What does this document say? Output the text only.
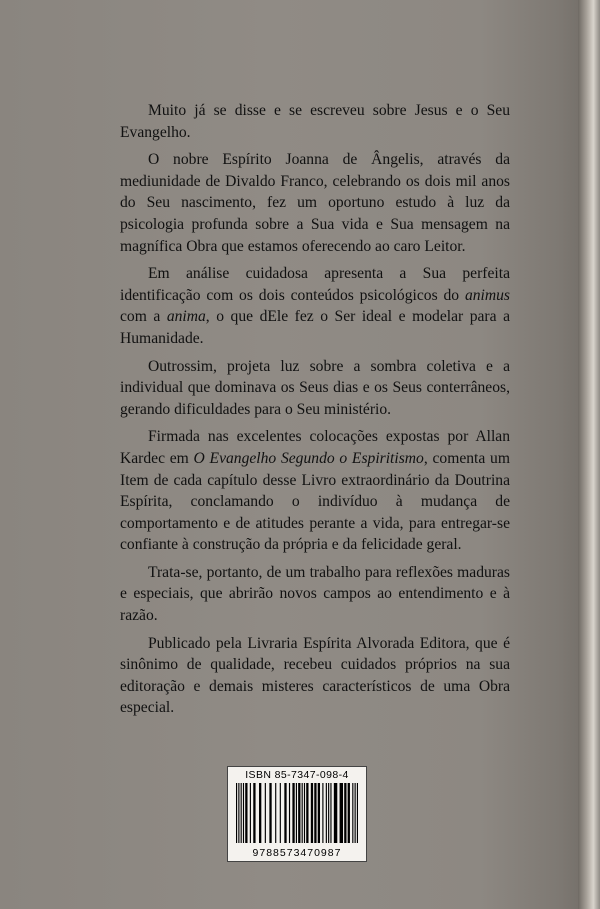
Muito já se disse e se escreveu sobre Jesus e o Seu Evangelho.

O nobre Espírito Joanna de Ângelis, através da mediunidade de Divaldo Franco, celebrando os dois mil anos do Seu nascimento, fez um oportuno estudo à luz da psicologia profunda sobre a Sua vida e Sua mensagem na magnífica Obra que estamos oferecendo ao caro Leitor.

Em análise cuidadosa apresenta a Sua perfeita identificação com os dois conteúdos psicológicos do animus com a anima, o que dEle fez o Ser ideal e modelar para a Humanidade.

Outrossim, projeta luz sobre a sombra coletiva e a individual que dominava os Seus dias e os Seus conterrâneos, gerando dificuldades para o Seu ministério.

Firmada nas excelentes colocações expostas por Allan Kardec em O Evangelho Segundo o Espiritismo, comenta um Item de cada capítulo desse Livro extraordinário da Doutrina Espírita, conclamando o indivíduo à mudança de comportamento e de atitudes perante a vida, para entregar-se confiante à construção da própria e da felicidade geral.

Trata-se, portanto, de um trabalho para reflexões maduras e especiais, que abrirão novos campos ao entendimento e à razão.

Publicado pela Livraria Espírita Alvorada Editora, que é sinônimo de qualidade, recebeu cuidados próprios na sua editoração e demais misteres característicos de uma Obra especial.

ISBN 85-7347-098-4
9788573470987
